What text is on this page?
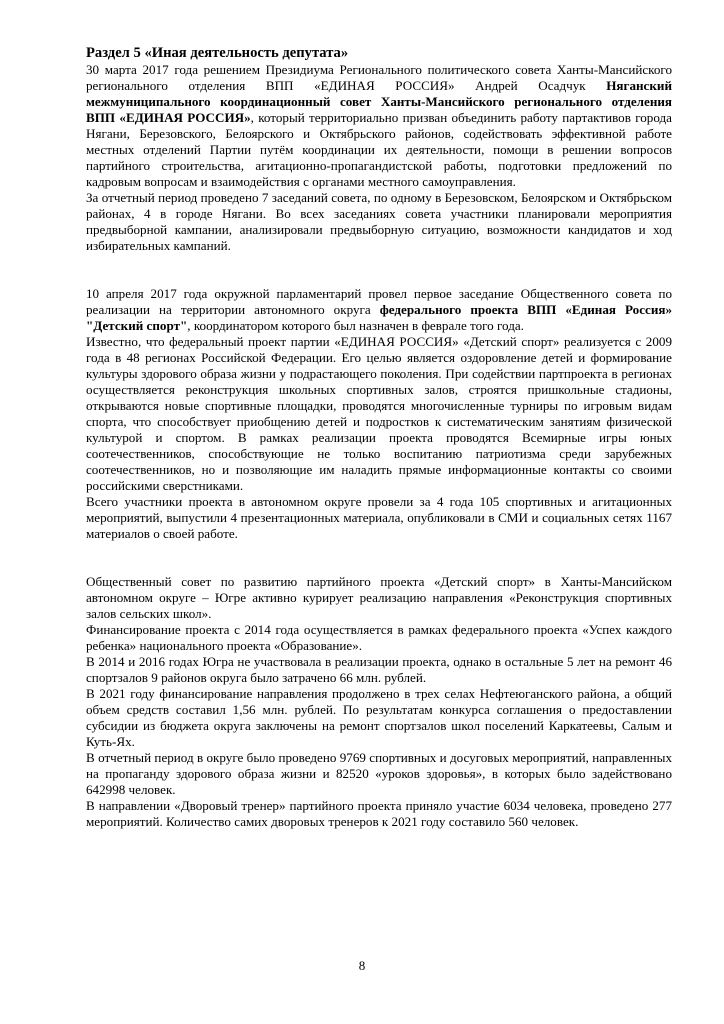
Раздел 5 «Иная деятельность депутата»

30 марта 2017 года решением Президиума Регионального политического совета Ханты-Мансийского регионального отделения ВПП «ЕДИНАЯ РОССИЯ» Андрей Осадчук Няганский межмуниципального координационный совет Ханты-Мансийского регионального отделения ВПП «ЕДИНАЯ РОССИЯ», который территориально призван объединить работу партактивов города Нягани, Березовского, Белоярского и Октябрьского районов, содействовать эффективной работе местных отделений Партии путём координации их деятельности, помощи в решении вопросов партийного строительства, агитационно-пропагандистской работы, подготовки предложений по кадровым вопросам и взаимодействия с органами местного самоуправления.

За отчетный период проведено 7 заседаний совета, по одному в Березовском, Белоярском и Октябрьском районах, 4 в городе Нягани. Во всех заседаниях совета участники планировали мероприятия предвыборной кампании, анализировали предвыборную ситуацию, возможности кандидатов и ход избирательных кампаний.

10 апреля 2017 года окружной парламентарий провел первое заседание Общественного совета по реализации на территории автономного округа федерального проекта ВПП «Единая Россия» "Детский спорт", координатором которого был назначен в феврале того года.

Известно, что федеральный проект партии «ЕДИНАЯ РОССИЯ» «Детский спорт» реализуется с 2009 года в 48 регионах Российской Федерации. Его целью является оздоровление детей и формирование культуры здорового образа жизни у подрастающего поколения. При содействии партпроекта в регионах осуществляется реконструкция школьных спортивных залов, строятся пришкольные стадионы, открываются новые спортивные площадки, проводятся многочисленные турниры по игровым видам спорта, что способствует приобщению детей и подростков к систематическим занятиям физической культурой и спортом. В рамках реализации проекта проводятся Всемирные игры юных соотечественников, способствующие не только воспитанию патриотизма среди зарубежных соотечественников, но и позволяющие им наладить прямые информационные контакты со своими российскими сверстниками.

Всего участники проекта в автономном округе провели за 4 года 105 спортивных и агитационных мероприятий, выпустили 4 презентационных материала, опубликовали в СМИ и социальных сетях 1167 материалов о своей работе.

Общественный совет по развитию партийного проекта «Детский спорт» в Ханты-Мансийском автономном округе – Югре активно курирует реализацию направления «Реконструкция спортивных залов сельских школ».

Финансирование проекта с 2014 года осуществляется в рамках федерального проекта «Успех каждого ребенка» национального проекта «Образование».

В 2014 и 2016 годах Югра не участвовала в реализации проекта, однако в остальные 5 лет на ремонт 46 спортзалов 9 районов округа было затрачено 66 млн. рублей.

В 2021 году финансирование направления продолжено в трех селах Нефтеюганского района, а общий объем средств составил 1,56 млн. рублей. По результатам конкурса соглашения о предоставлении субсидии из бюджета округа заключены на ремонт спортзалов школ поселений Каркатеевы, Салым и Куть-Ях.

В отчетный период в округе было проведено 9769 спортивных и досуговых мероприятий, направленных на пропаганду здорового образа жизни и 82520 «уроков здоровья», в которых было задействовано 642998 человек.

В направлении «Дворовый тренер» партийного проекта приняло участие 6034 человека, проведено 277 мероприятий. Количество самих дворовых тренеров к 2021 году составило 560 человек.

8
